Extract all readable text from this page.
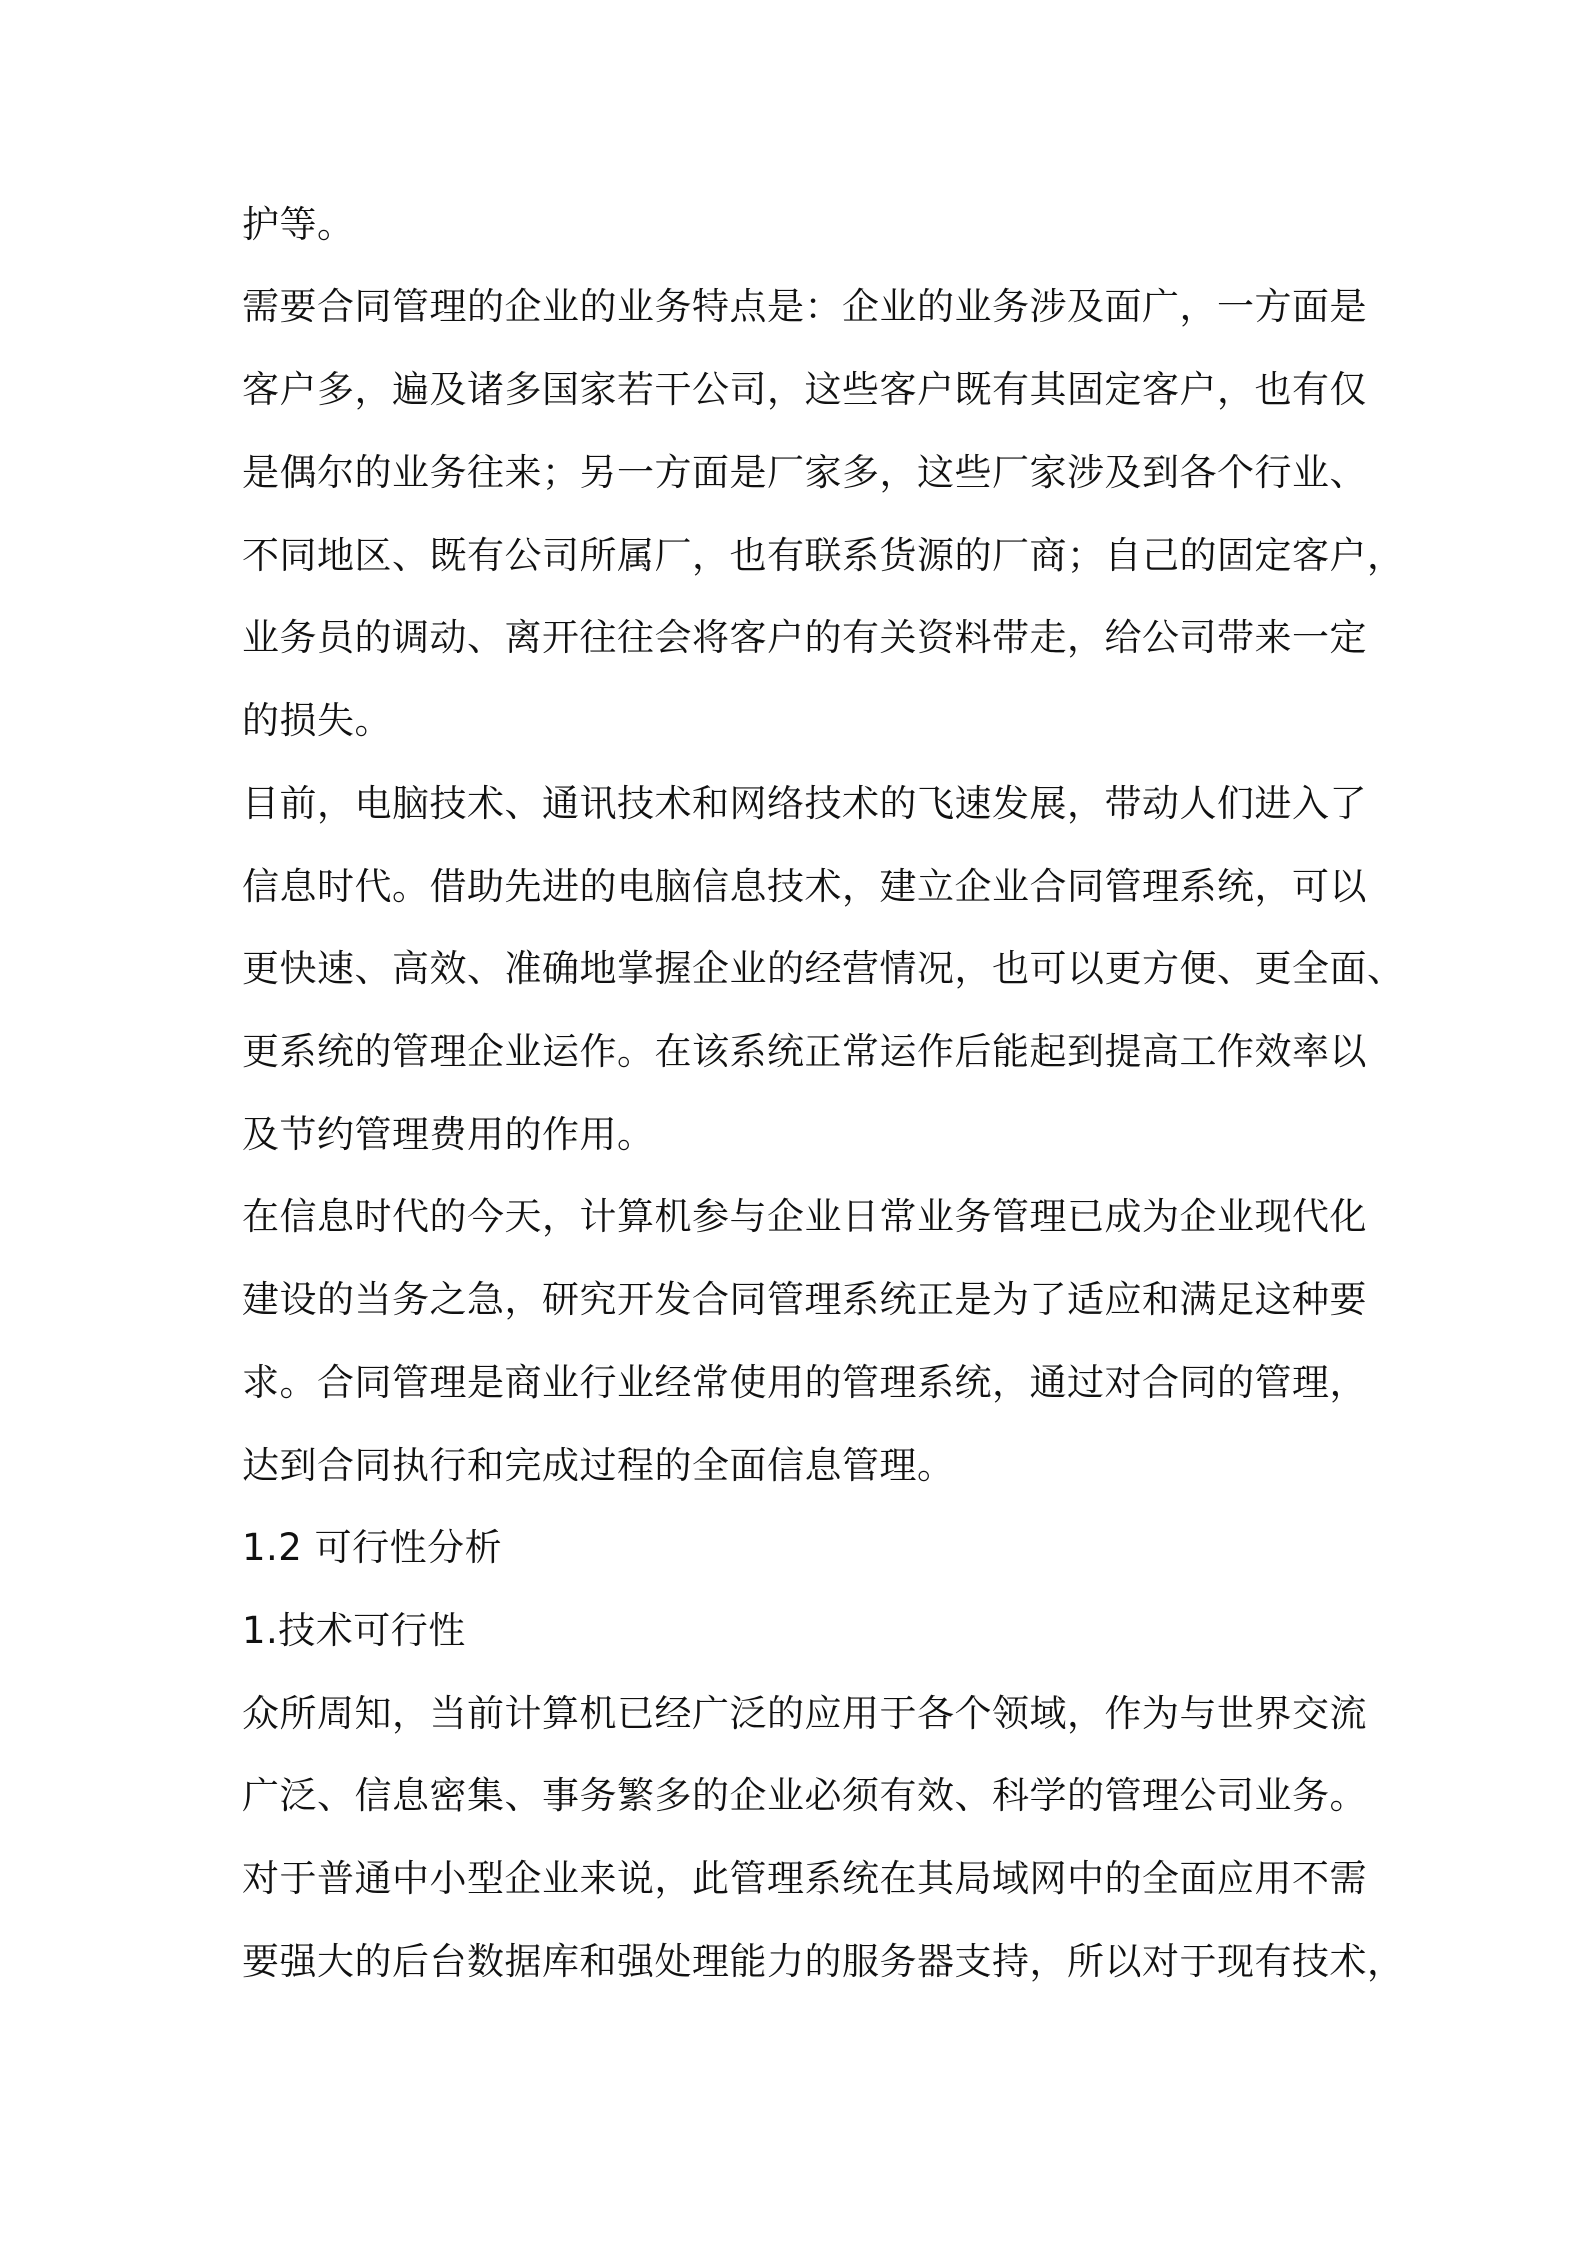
护等。
需要合同管理的企业的业务特点是：企业的业务涉及面广，一方面是
客户多，遍及诸多国家若干公司，这些客户既有其固定客户，也有仅
是偶尔的业务往来；另一方面是厂家多，这些厂家涉及到各个行业、
不同地区、既有公司所属厂，也有联系货源的厂商；自己的固定客户，
业务员的调动、离开往往会将客户的有关资料带走，给公司带来一定
的损失。
目前，电脑技术、通讯技术和网络技术的飞速发展，带动人们进入了
信息时代。借助先进的电脑信息技术，建立企业合同管理系统，可以
更快速、高效、准确地掌握企业的经营情况，也可以更方便、更全面、
更系统的管理企业运作。在该系统正常运作后能起到提高工作效率以
及节约管理费用的作用。
在信息时代的今天，计算机参与企业日常业务管理已成为企业现代化
建设的当务之急，研究开发合同管理系统正是为了适应和满足这种要
求。合同管理是商业行业经常使用的管理系统，通过对合同的管理，
达到合同执行和完成过程的全面信息管理。
1.2 可行性分析
1.技术可行性
众所周知，当前计算机已经广泛的应用于各个领域，作为与世界交流
广泛、信息密集、事务繁多的企业必须有效、科学的管理公司业务。
对于普通中小型企业来说，此管理系统在其局域网中的全面应用不需
要强大的后台数据库和强处理能力的服务器支持，所以对于现有技术，
